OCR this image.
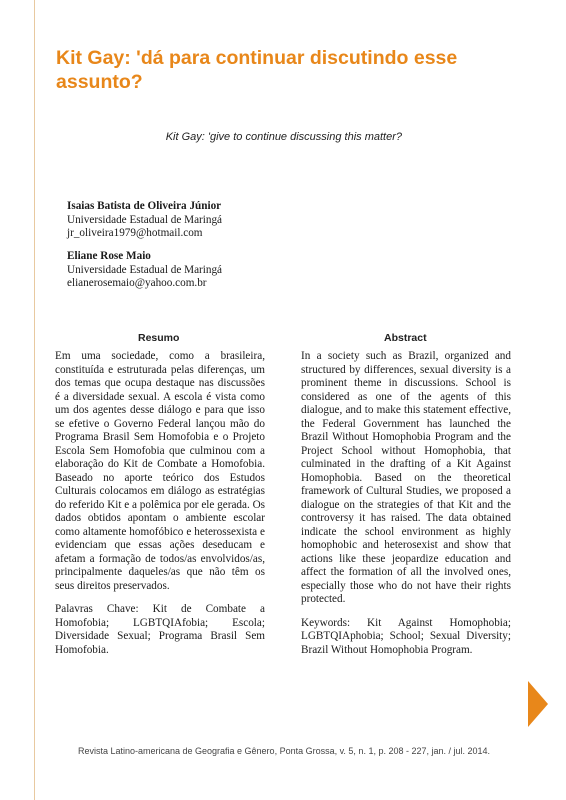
Kit Gay: 'dá para continuar discutindo esse assunto?
Kit Gay: 'give to continue discussing this matter?
Isaias Batista de Oliveira Júnior
Universidade Estadual de Maringá
jr_oliveira1979@hotmail.com
Eliane Rose Maio
Universidade Estadual de Maringá
elianerosemaio@yahoo.com.br
Resumo	Abstract

Em uma sociedade, como a brasileira, constituída e estruturada pelas diferenças, um dos temas que ocupa destaque nas discussões é a diversidade sexual. A escola é vista como um dos agentes desse diálogo e para que isso se efetive o Governo Federal lançou mão do Programa Brasil Sem Homofobia e o Projeto Escola Sem Homofobia que culminou com a elaboração do Kit de Combate a Homofobia. Baseado no aporte teórico dos Estudos Culturais colocamos em diálogo as estratégias do referido Kit e a polêmica por ele gerada. Os dados obtidos apontam o ambiente escolar como altamente homofóbico e heterossexista e evidenciam que essas ações deseducam e afetam a formação de todos/as envolvidos/as, principalmente daqueles/as que não têm os seus direitos preservados.

Palavras Chave: Kit de Combate a Homofobia; LGBTQIAfobia; Escola; Diversidade Sexual; Programa Brasil Sem Homofobia.

In a society such as Brazil, organized and structured by differences, sexual diversity is a prominent theme in discussions. School is considered as one of the agents of this dialogue, and to make this statement effective, the Federal Government has launched the Brazil Without Homophobia Program and the Project School without Homophobia, that culminated in the drafting of a Kit Against Homophobia. Based on the theoretical framework of Cultural Studies, we proposed a dialogue on the strategies of that Kit and the controversy it has raised. The data obtained indicate the school environment as highly homophobic and heterosexist and show that actions like these jeopardize education and affect the formation of all the involved ones, especially those who do not have their rights protected.

Keywords: Kit Against Homophobia; LGBTQIAphobia; School; Sexual Diversity; Brazil Without Homophobia Program.

Revista Latino-americana de Geografia e Gênero, Ponta Grossa, v. 5, n. 1, p. 208 - 227, jan. / jul. 2014.
